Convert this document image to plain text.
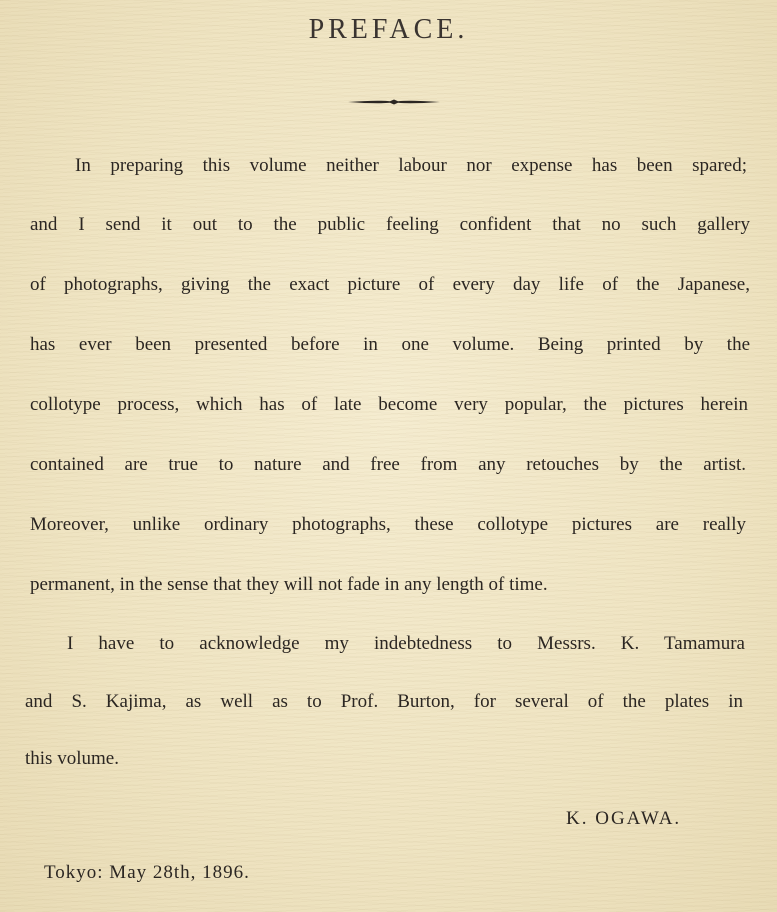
PREFACE.
In preparing this volume neither labour nor expense has been spared;
and I send it out to the public feeling confident that no such gallery
of photographs, giving the exact picture of every day life of the Japanese,
has ever been presented before in one volume. Being printed by the
collotype process, which has of late become very popular, the pictures herein
contained are true to nature and free from any retouches by the artist.
Moreover, unlike ordinary photographs, these collotype pictures are really
permanent, in the sense that they will not fade in any length of time.
I have to acknowledge my indebtedness to Messrs. K. Tamamura
and S. Kajima, as well as to Prof. Burton, for several of the plates in
this volume.
K. OGAWA.
Tokyo: May 28th, 1896.
